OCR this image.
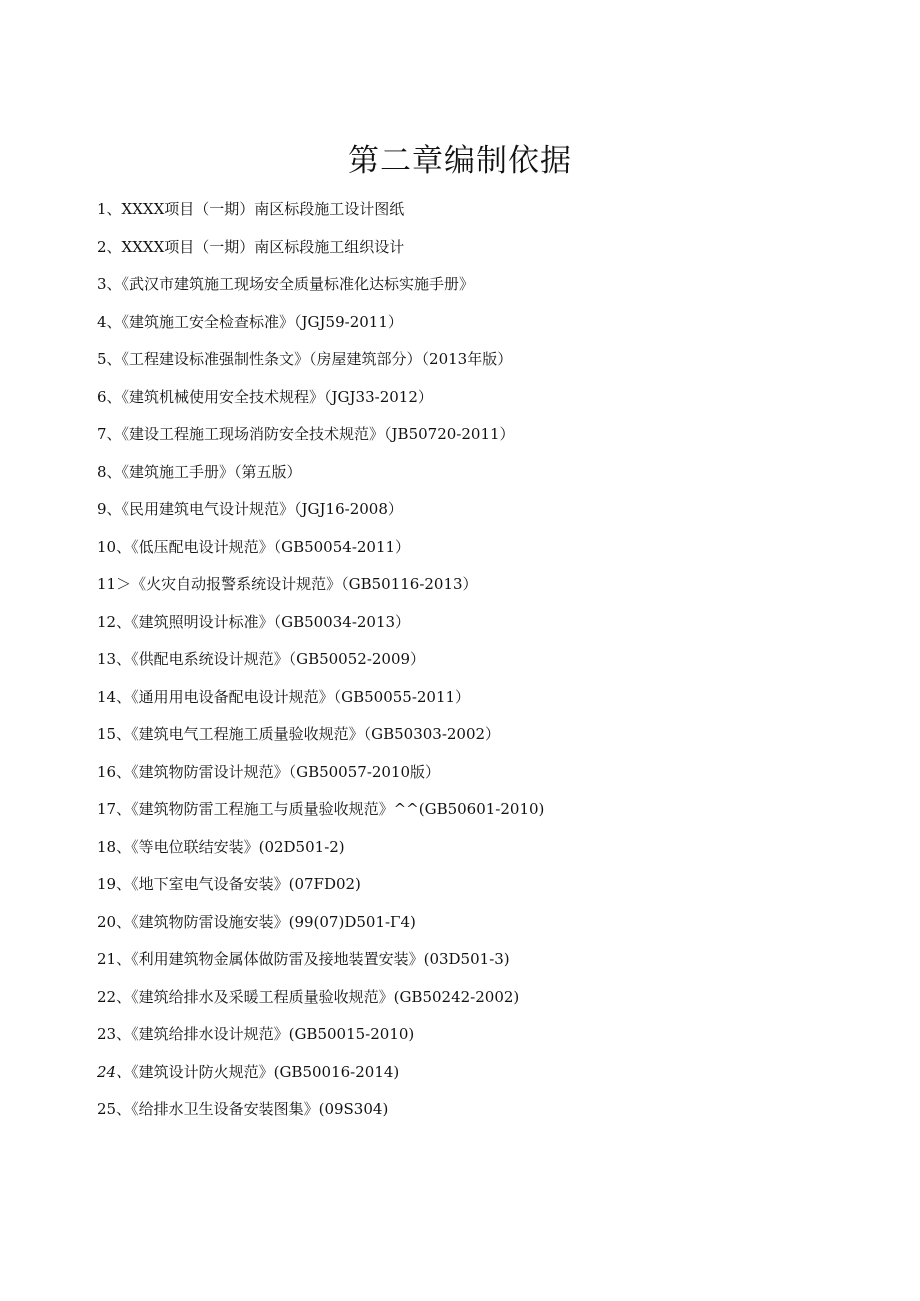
第二章编制依据
1、XXXX项目（一期）南区标段施工设计图纸
2、XXXX项目（一期）南区标段施工组织设计
3、《武汉市建筑施工现场安全质量标准化达标实施手册》
4、《建筑施工安全检查标准》（JGJ59-2011）
5、《工程建设标准强制性条文》（房屋建筑部分）（2013年版）
6、《建筑机械使用安全技术规程》（JGJ33-2012）
7、《建设工程施工现场消防安全技术规范》（JB50720-2011）
8、《建筑施工手册》（第五版）
9、《民用建筑电气设计规范》（JGJ16-2008）
10、《低压配电设计规范》（GB50054-2011）
11＞《火灾自动报警系统设计规范》（GB50116-2013）
12、《建筑照明设计标准》（GB50034-2013）
13、《供配电系统设计规范》（GB50052-2009）
14、《通用用电设备配电设计规范》（GB50055-2011）
15、《建筑电气工程施工质量验收规范》（GB50303-2002）
16、《建筑物防雷设计规范》（GB50057-2010版）
17、《建筑物防雷工程施工与质量验收规范》^^(GB50601-2010)
18、《等电位联结安装》(02D501-2)
19、《地下室电气设备安装》(07FD02)
20、《建筑物防雷设施安装》(99(07)D501-Γ4)
21、《利用建筑物金属体做防雷及接地装置安装》(03D501-3)
22、《建筑给排水及采暖工程质量验收规范》(GB50242-2002)
23、《建筑给排水设计规范》(GB50015-2010)
24、《建筑设计防火规范》(GB50016-2014)
25、《给排水卫生设备安装图集》(09S304)
